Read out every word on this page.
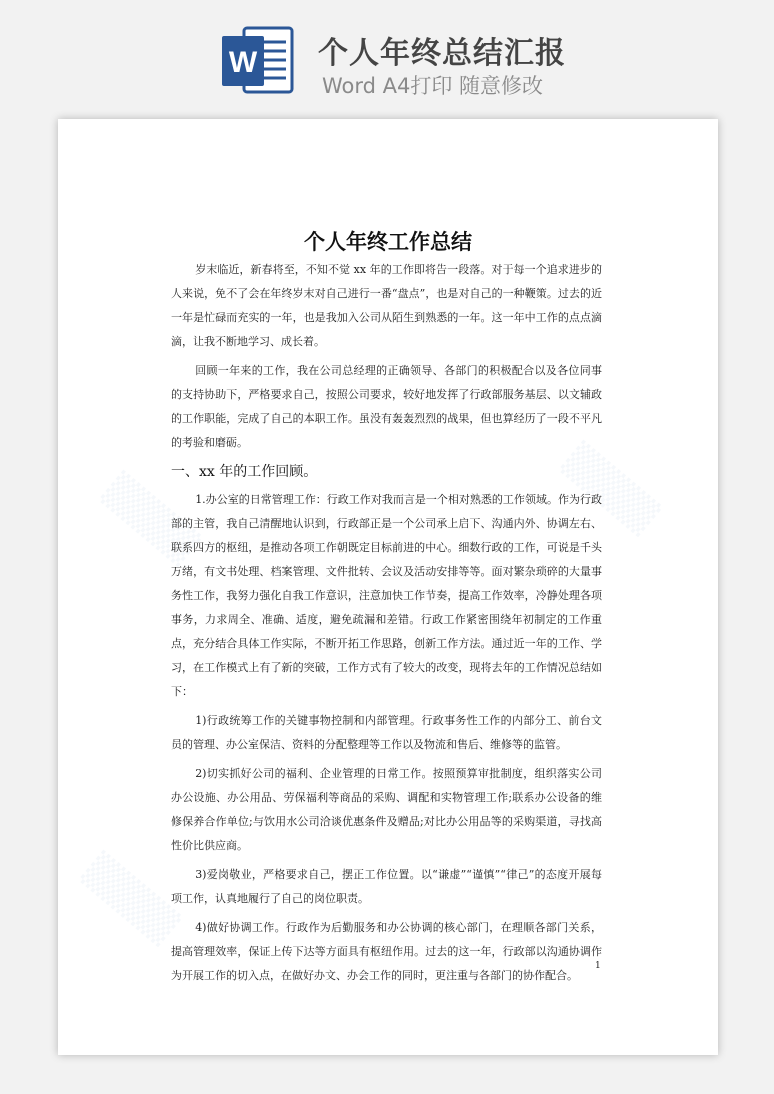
W 个人年终总结汇报
Word A4打印 随意修改
▒▒▒▒	▒▒▒▒
▒▒▒▒
个人年终工作总结

岁末临近，新春将至，不知不觉 xx 年的工作即将告一段落。对于每一个追求进步的人来说，免不了会在年终岁末对自己进行一番“盘点”，也是对自己的一种鞭策。过去的近一年是忙碌而充实的一年，也是我加入公司从陌生到熟悉的一年。这一年中工作的点点滴滴，让我不断地学习、成长着。

回顾一年来的工作，我在公司总经理的正确领导、各部门的积极配合以及各位同事的支持协助下，严格要求自己，按照公司要求，较好地发挥了行政部服务基层、以文辅政的工作职能，完成了自己的本职工作。虽没有轰轰烈烈的战果，但也算经历了一段不平凡的考验和磨砺。

一、xx 年的工作回顾。

1.办公室的日常管理工作：行政工作对我而言是一个相对熟悉的工作领域。作为行政部的主管，我自己清醒地认识到，行政部正是一个公司承上启下、沟通内外、协调左右、联系四方的枢纽，是推动各项工作朝既定目标前进的中心。细数行政的工作，可说是千头万绪，有文书处理、档案管理、文件批转、会议及活动安排等等。面对繁杂琐碎的大量事务性工作，我努力强化自我工作意识，注意加快工作节奏，提高工作效率，冷静处理各项事务，力求周全、准确、适度，避免疏漏和差错。行政工作紧密围绕年初制定的工作重点，充分结合具体工作实际，不断开拓工作思路，创新工作方法。通过近一年的工作、学习，在工作模式上有了新的突破，工作方式有了较大的改变，现将去年的工作情况总结如下：

1)行政统筹工作的关键事物控制和内部管理。行政事务性工作的内部分工、前台文员的管理、办公室保洁、资料的分配整理等工作以及物流和售后、维修等的监管。

2)切实抓好公司的福利、企业管理的日常工作。按照预算审批制度，组织落实公司办公设施、办公用品、劳保福利等商品的采购、调配和实物管理工作;联系办公设备的维修保养合作单位;与饮用水公司洽谈优惠条件及赠品;对比办公用品等的采购渠道，寻找高性价比供应商。

3)爱岗敬业，严格要求自己，摆正工作位置。以“谦虚”“谨慎”“律己”的态度开展每项工作，认真地履行了自己的岗位职责。

4)做好协调工作。行政作为后勤服务和办公协调的核心部门，在理顺各部门关系，提高管理效率，保证上传下达等方面具有枢纽作用。过去的这一年，行政部以沟通协调作为开展工作的切入点，在做好办文、办会工作的同时，更注重与各部门的协作配合。

1
